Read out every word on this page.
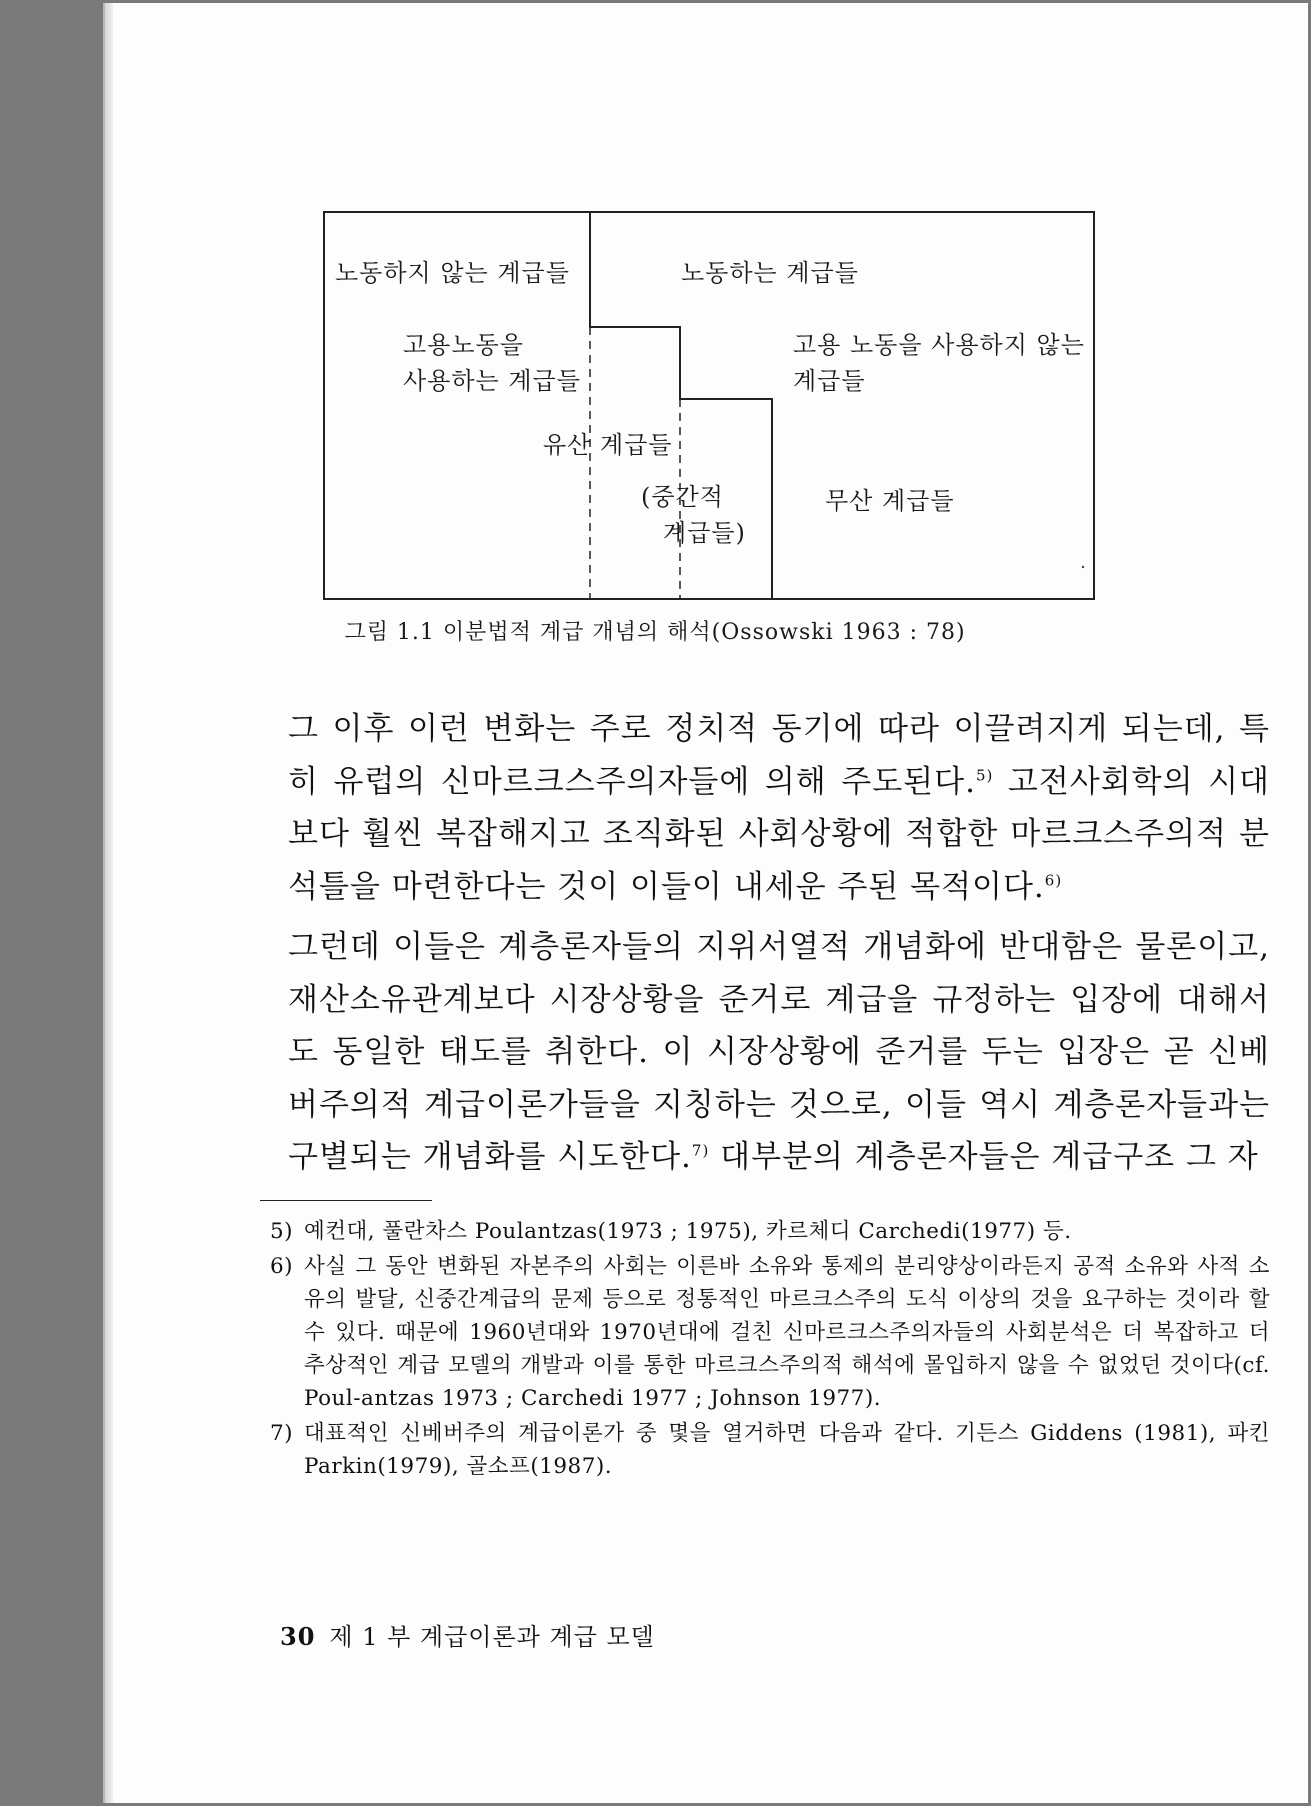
노동하지 않는 계급들	노동하는 계급들
고용노동을
사용하는 계급들
고용 노동을 사용하지 않는
계급들
유산 계급들
(중간적
계급들)
무산 계급들
그림 1.1 이분법적 계급 개념의 해석(Ossowski 1963 : 78)

그 이후 이런 변화는 주로 정치적 동기에 따라 이끌려지게 되는데, 특히 유럽의 신마르크스주의자들에 의해 주도된다.$^{5)}$ 고전사회학의 시대보다 훨씬 복잡해지고 조직화된 사회상황에 적합한 마르크스주의적 분석틀을 마련한다는 것이 이들이 내세운 주된 목적이다.$^{6)}$

그런데 이들은 계층론자들의 지위서열적 개념화에 반대함은 물론이고, 재산소유관계보다 시장상황을 준거로 계급을 규정하는 입장에 대해서도 동일한 태도를 취한다. 이 시장상황에 준거를 두는 입장은 곧 신베버주의적 계급이론가들을 지칭하는 것으로, 이들 역시 계층론자들과는 구별되는 개념화를 시도한다.$^{7)}$ 대부분의 계층론자들은 계급구조 그 자

5) 예컨대, 풀란차스 Poulantzas(1973 ; 1975), 카르체디 Carchedi(1977) 등.

6) 사실 그 동안 변화된 자본주의 사회는 이른바 소유와 통제의 분리양상이라든지 공적 소유와 사적 소유의 발달, 신중간계급의 문제 등으로 정통적인 마르크스주의 도식 이상의 것을 요구하는 것이라 할 수 있다. 때문에 1960년대와 1970년대에 걸친 신마르크스주의자들의 사회분석은 더 복잡하고 더 추상적인 계급 모델의 개발과 이를 통한 마르크스주의적 해석에 몰입하지 않을 수 없었던 것이다(cf. Poul-antzas 1973 ; Carchedi 1977 ; Johnson 1977).

7) 대표적인 신베버주의 계급이론가 중 몇을 열거하면 다음과 같다. 기든스 Giddens (1981), 파킨 Parkin(1979), 골소프(1987).

30 제 1 부 계급이론과 계급 모델
